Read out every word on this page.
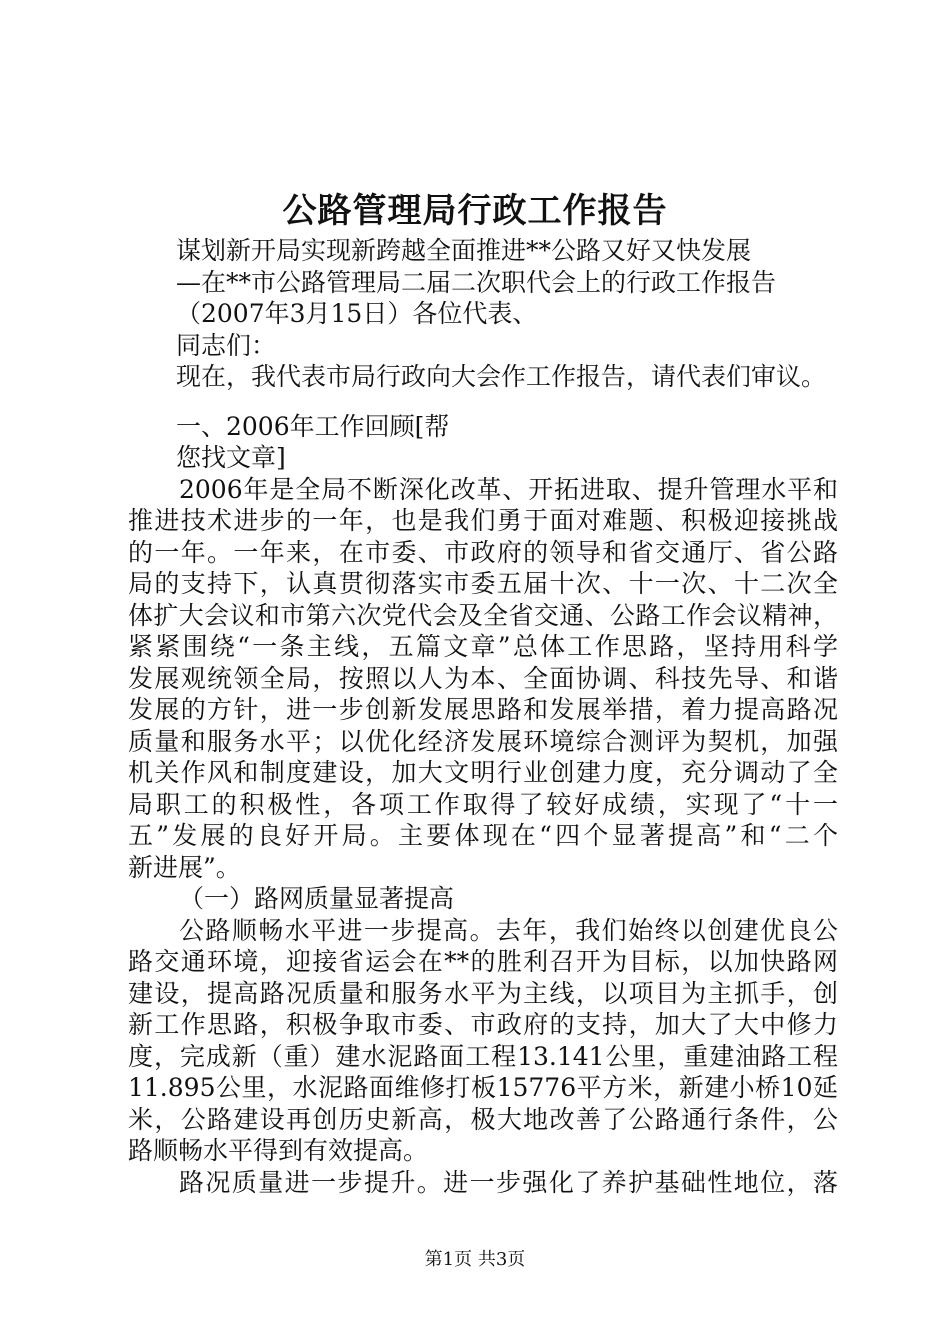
公路管理局行政工作报告
谋划新开局实现新跨越全面推进**公路又好又快发展
—在**市公路管理局二届二次职代会上的行政工作报告
（2007年3月15日）各位代表、
同志们：
现在，我代表市局行政向大会作工作报告，请代表们审议。
一、2006年工作回顾[帮
您找文章]
2006年是全局不断深化改革、开拓进取、提升管理水平和
推进技术进步的一年，也是我们勇于面对难题、积极迎接挑战
的一年。一年来，在市委、市政府的领导和省交通厅、省公路
局的支持下，认真贯彻落实市委五届十次、十一次、十二次全
体扩大会议和市第六次党代会及全省交通、公路工作会议精神，
紧紧围绕“一条主线，五篇文章”总体工作思路，坚持用科学
发展观统领全局，按照以人为本、全面协调、科技先导、和谐
发展的方针，进一步创新发展思路和发展举措，着力提高路况
质量和服务水平；以优化经济发展环境综合测评为契机，加强
机关作风和制度建设，加大文明行业创建力度，充分调动了全
局职工的积极性，各项工作取得了较好成绩，实现了“十一
五”发展的良好开局。主要体现在“四个显著提高”和“二个
新进展”。
（一）路网质量显著提高
公路顺畅水平进一步提高。去年，我们始终以创建优良公
路交通环境，迎接省运会在**的胜利召开为目标，以加快路网
建设，提高路况质量和服务水平为主线，以项目为主抓手，创
新工作思路，积极争取市委、市政府的支持，加大了大中修力
度，完成新（重）建水泥路面工程13.141公里，重建油路工程
11.895公里，水泥路面维修打板15776平方米，新建小桥10延
米，公路建设再创历史新高，极大地改善了公路通行条件，公
路顺畅水平得到有效提高。
路况质量进一步提升。进一步强化了养护基础性地位，落
第1页 共3页
